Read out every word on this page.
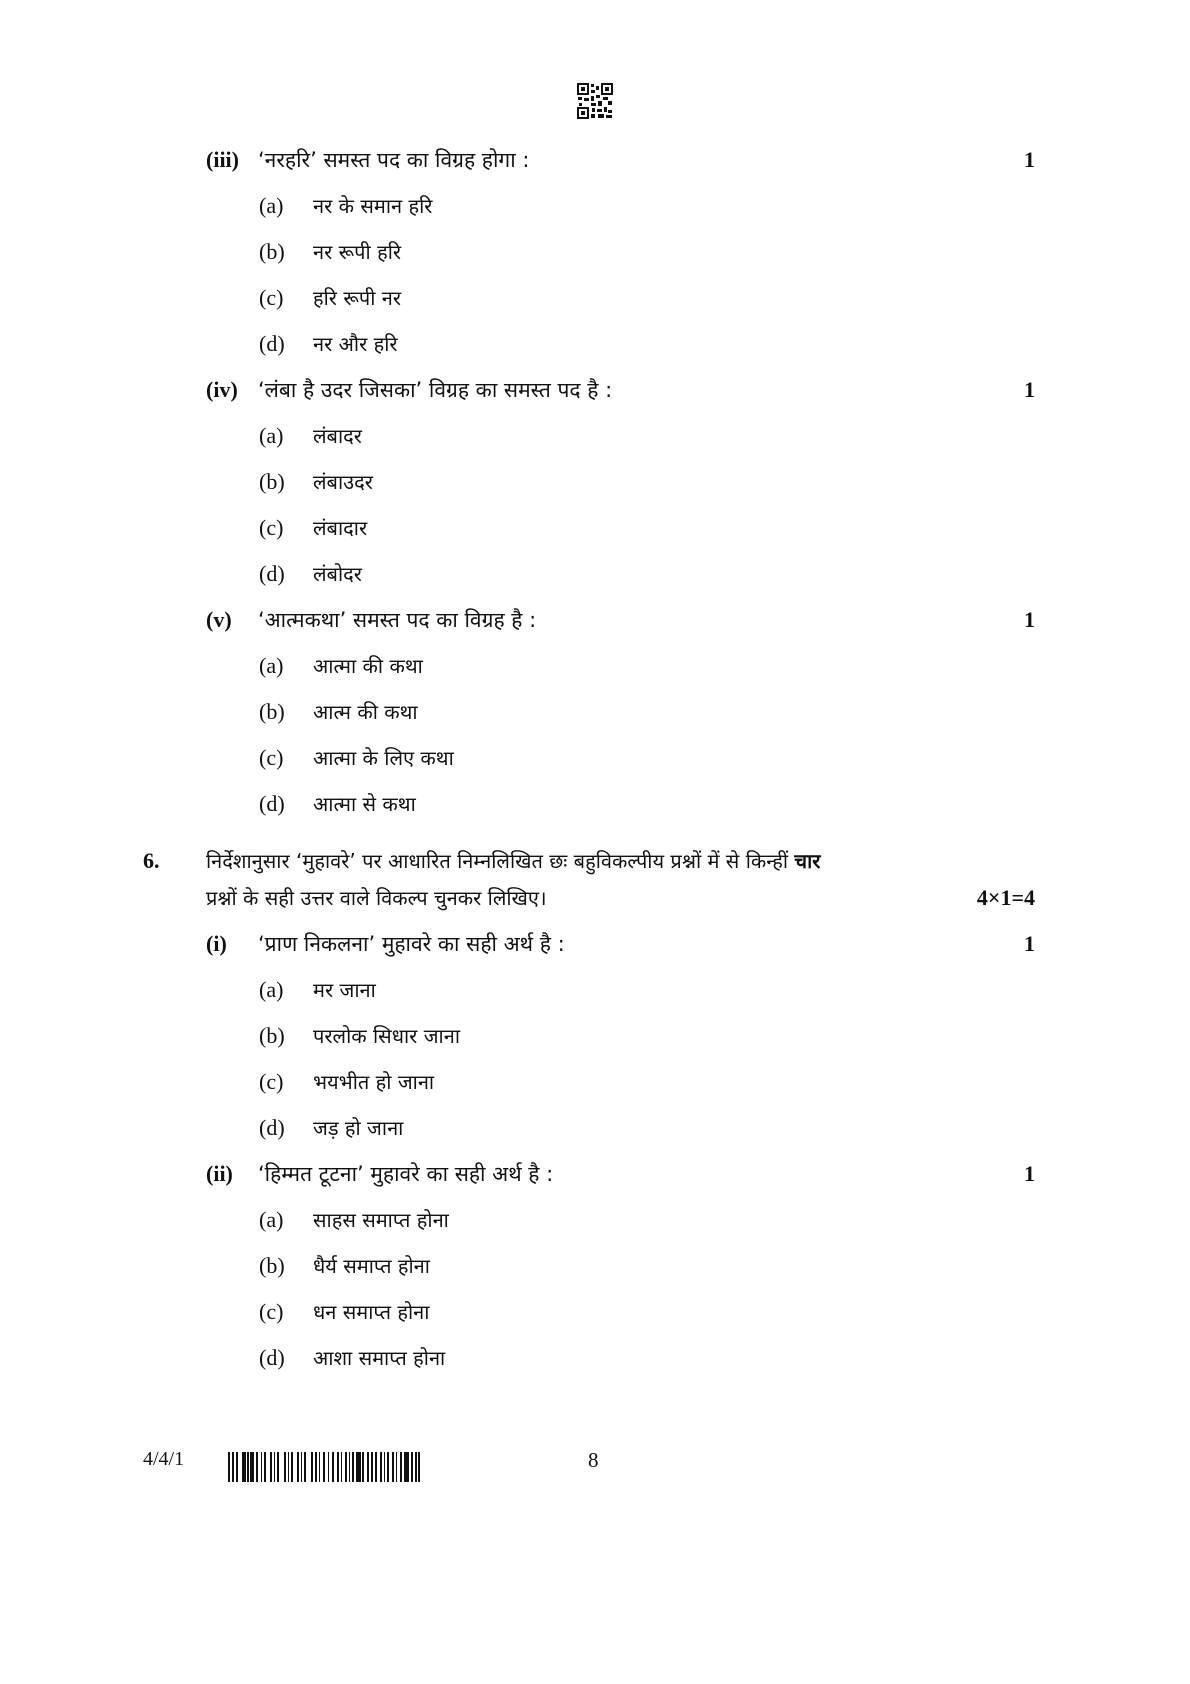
(iii) ‘नरहरि’ समस्त पद का विग्रह होगा :	1
(a) नर के समान हरि
(b) नर रूपी हरि
(c) हरि रूपी नर
(d) नर और हरि
(iv) ‘लंबा है उदर जिसका’ विग्रह का समस्त पद है :	1
(a) लंबादर
(b) लंबाउदर
(c) लंबादार
(d) लंबोदर
(v) ‘आत्मकथा’ समस्त पद का विग्रह है :	1
(a) आत्मा की कथा
(b) आत्म की कथा
(c) आत्मा के लिए कथा
(d) आत्मा से कथा
6. निर्देशानुसार ‘मुहावरे’ पर आधारित निम्नलिखित छः बहुविकल्पीय प्रश्नों में से किन्हीं चार
प्रश्नों के सही उत्तर वाले विकल्प चुनकर लिखिए।	4×1=4
(i) ‘प्राण निकलना’ मुहावरे का सही अर्थ है :	1
(a) मर जाना
(b) परलोक सिधार जाना
(c) भयभीत हो जाना
(d) जड़ हो जाना
(ii) ‘हिम्मत टूटना’ मुहावरे का सही अर्थ है :	1
(a) साहस समाप्त होना
(b) धैर्य समाप्त होना
(c) धन समाप्त होना
(d) आशा समाप्त होना
4/4/1	8
